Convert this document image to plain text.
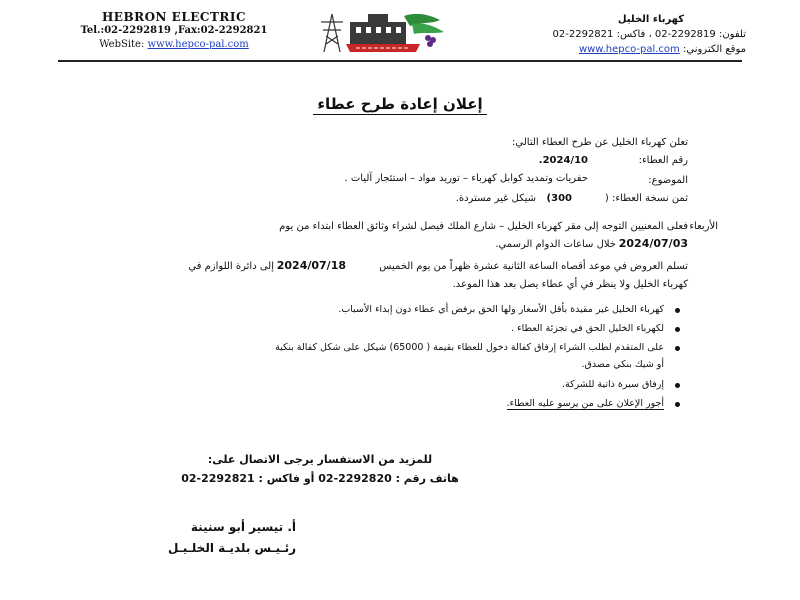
HEBRON ELECTRIC
Tel.:02-2292819 ,Fax:02-2292821
WebSite: www.hepco-pal.com
كهرباء الخليل
تلفون: 2292819-02 ، فاكس: 2292821-02
موقع الكتروني: www.hepco-pal.com
إعلان إعادة طرح عطاء
تعلن كهرباء الخليل عن طرح العطاء التالي:
رقم العطاء:
2024/10.
الموضوع:
حفريات وتمديد كوابل كهرباء – توريد مواد – استئجار آليات .
ثمن نسخة العطاء: (
300)
شيكل غير مستردة.
فعلى المعنيين التوجه إلى مقر كهرباء الخليل – شارع الملك فيصل لشراء وثائق العطاء ابتداء من يوم الأربعاء
2024/07/03
خلال ساعات الدوام الرسمي.
تسلم العروض في موعد أقصاه الساعة الثانية عشرة ظهراً من يوم الخميس
2024/07/18
إلى دائرة اللوازم في
كهرباء الخليل ولا ينظر في أي عطاء يصل بعد هذا الموعد.
كهرباء الخليل غير مقيدة بأقل الأسعار ولها الحق برفض أي عطاء دون إبداء الأسباب.
لكهرباء الخليل الحق في تجزئة العطاء .
على المتقدم لطلب الشراء إرفاق كفالة دخول للعطاء بقيمة ( 65000) شيكل على شكل كفالة بنكية
أو شيك بنكي مصدق.
إرفاق سيرة ذاتية للشركة.
أجور الإعلان على من يرسو عليه العطاء.
للمزيد من الاستفسار يرجى الاتصال على:
هاتف رقم : 2292820-02 أو فاكس : 2292821-02
أ. تيسير أبو سنينة
رئـيـس بلديـة الخلـيـل
